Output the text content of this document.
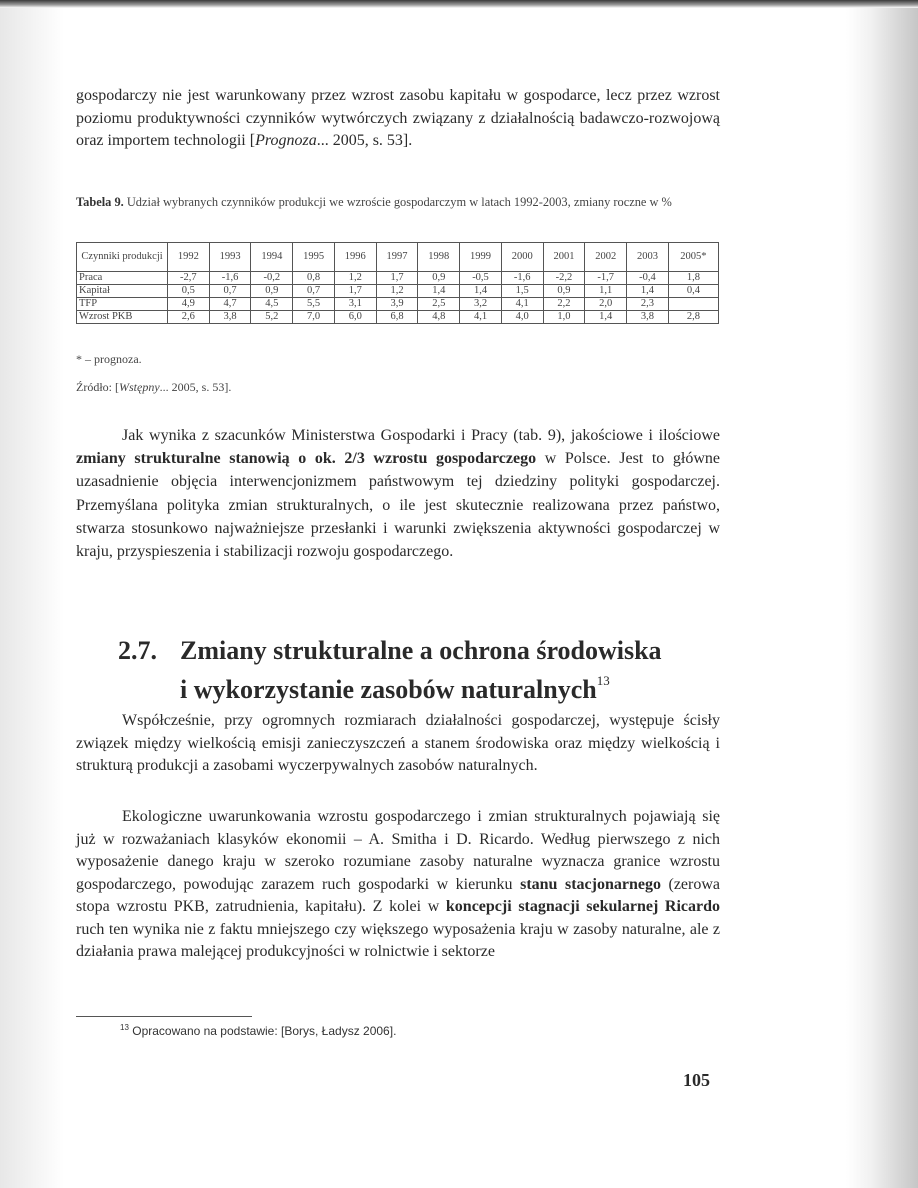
gospodarczy nie jest warunkowany przez wzrost zasobu kapitału w gospodarce, lecz przez wzrost poziomu produktywności czynników wytwórczych związany z działalnością badawczo-rozwojową oraz importem technologii [Prognoza... 2005, s. 53].

Tabela 9. Udział wybranych czynników produkcji we wzroście gospodarczym w latach 1992-2003, zmiany roczne w %
Czynniki produkcji	1992	1993	1994	1995	1996	1997	1998	1999	2000	2001	2002	2003	2005*
Praca	-2,7	-1,6	-0,2	0,8	1,2	1,7	0,9	-0,5	-1,6	-2,2	-1,7	-0,4	1,8
Kapitał	0,5	0,7	0,9	0,7	1,7	1,2	1,4	1,4	1,5	0,9	1,1	1,4	0,4
TFP	4,9	4,7	4,5	5,5	3,1	3,9	2,5	3,2	4,1	2,2	2,0	2,3	
Wzrost PKB	2,6	3,8	5,2	7,0	6,0	6,8	4,8	4,1	4,0	1,0	1,4	3,8	2,8
* – prognoza.
Źródło: [Wstępny... 2005, s. 53].

Jak wynika z szacunków Ministerstwa Gospodarki i Pracy (tab. 9), jakościowe i ilościowe zmiany strukturalne stanowią o ok. 2/3 wzrostu gospodarczego w Polsce. Jest to główne uzasadnienie objęcia interwencjonizmem państwowym tej dziedziny polityki gospodarczej. Przemyślana polityka zmian strukturalnych, o ile jest skutecznie realizowana przez państwo, stwarza stosunkowo najważniejsze przesłanki i warunki zwiększenia aktywności gospodarczej w kraju, przyspieszenia i stabilizacji rozwoju gospodarczego.

2.7. Zmiany strukturalne a ochrona środowiska
i wykorzystanie zasobów naturalnych$^{13}$

Współcześnie, przy ogromnych rozmiarach działalności gospodarczej, występuje ścisły związek między wielkością emisji zanieczyszczeń a stanem środowiska oraz między wielkością i strukturą produkcji a zasobami wyczerpywalnych zasobów naturalnych.

Ekologiczne uwarunkowania wzrostu gospodarczego i zmian strukturalnych pojawiają się już w rozważaniach klasyków ekonomii – A. Smitha i D. Ricardo. Według pierwszego z nich wyposażenie danego kraju w szeroko rozumiane zasoby naturalne wyznacza granice wzrostu gospodarczego, powodując zarazem ruch gospodarki w kierunku stanu stacjonarnego (zerowa stopa wzrostu PKB, zatrudnienia, kapitału). Z kolei w koncepcji stagnacji sekularnej Ricardo ruch ten wynika nie z faktu mniejszego czy większego wyposażenia kraju w zasoby naturalne, ale z działania prawa malejącej produkcyjności w rolnictwie i sektorze

$^{13}$ Opracowano na podstawie: [Borys, Ładysz 2006].
105
